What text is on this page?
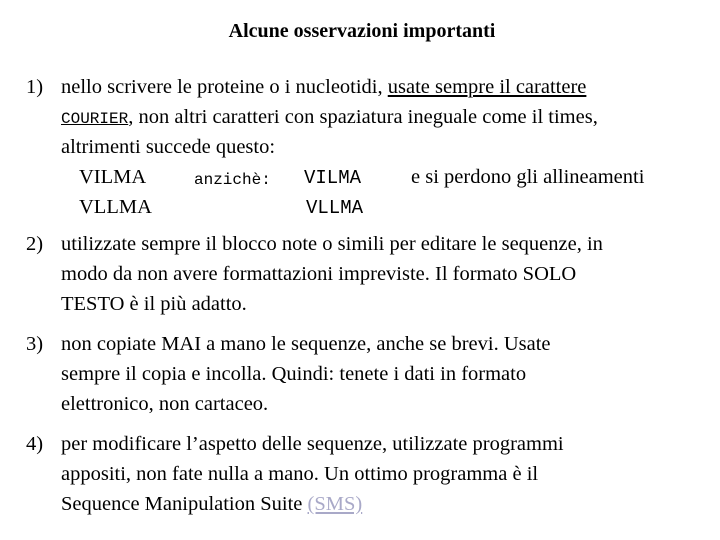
Alcune osservazioni importanti
1) nello scrivere le proteine o i nucleotidi, usate sempre il carattere
COURIER, non altri caratteri con spaziatura ineguale come il times,
altrimenti succede questo:
VILMA	anzichè: VILMA e si perdono gli allineamenti
VLLMA	VLLMA
2) utilizzate sempre il blocco note o simili per editare le sequenze, in
modo da non avere formattazioni impreviste. Il formato SOLO
TESTO è il più adatto.
3) non copiate MAI a mano le sequenze, anche se brevi. Usate
sempre il copia e incolla. Quindi: tenete i dati in formato
elettronico, non cartaceo.
4) per modificare l’aspetto delle sequenze, utilizzate programmi
appositi, non fate nulla a mano. Un ottimo programma è il
Sequence Manipulation Suite (SMS)
